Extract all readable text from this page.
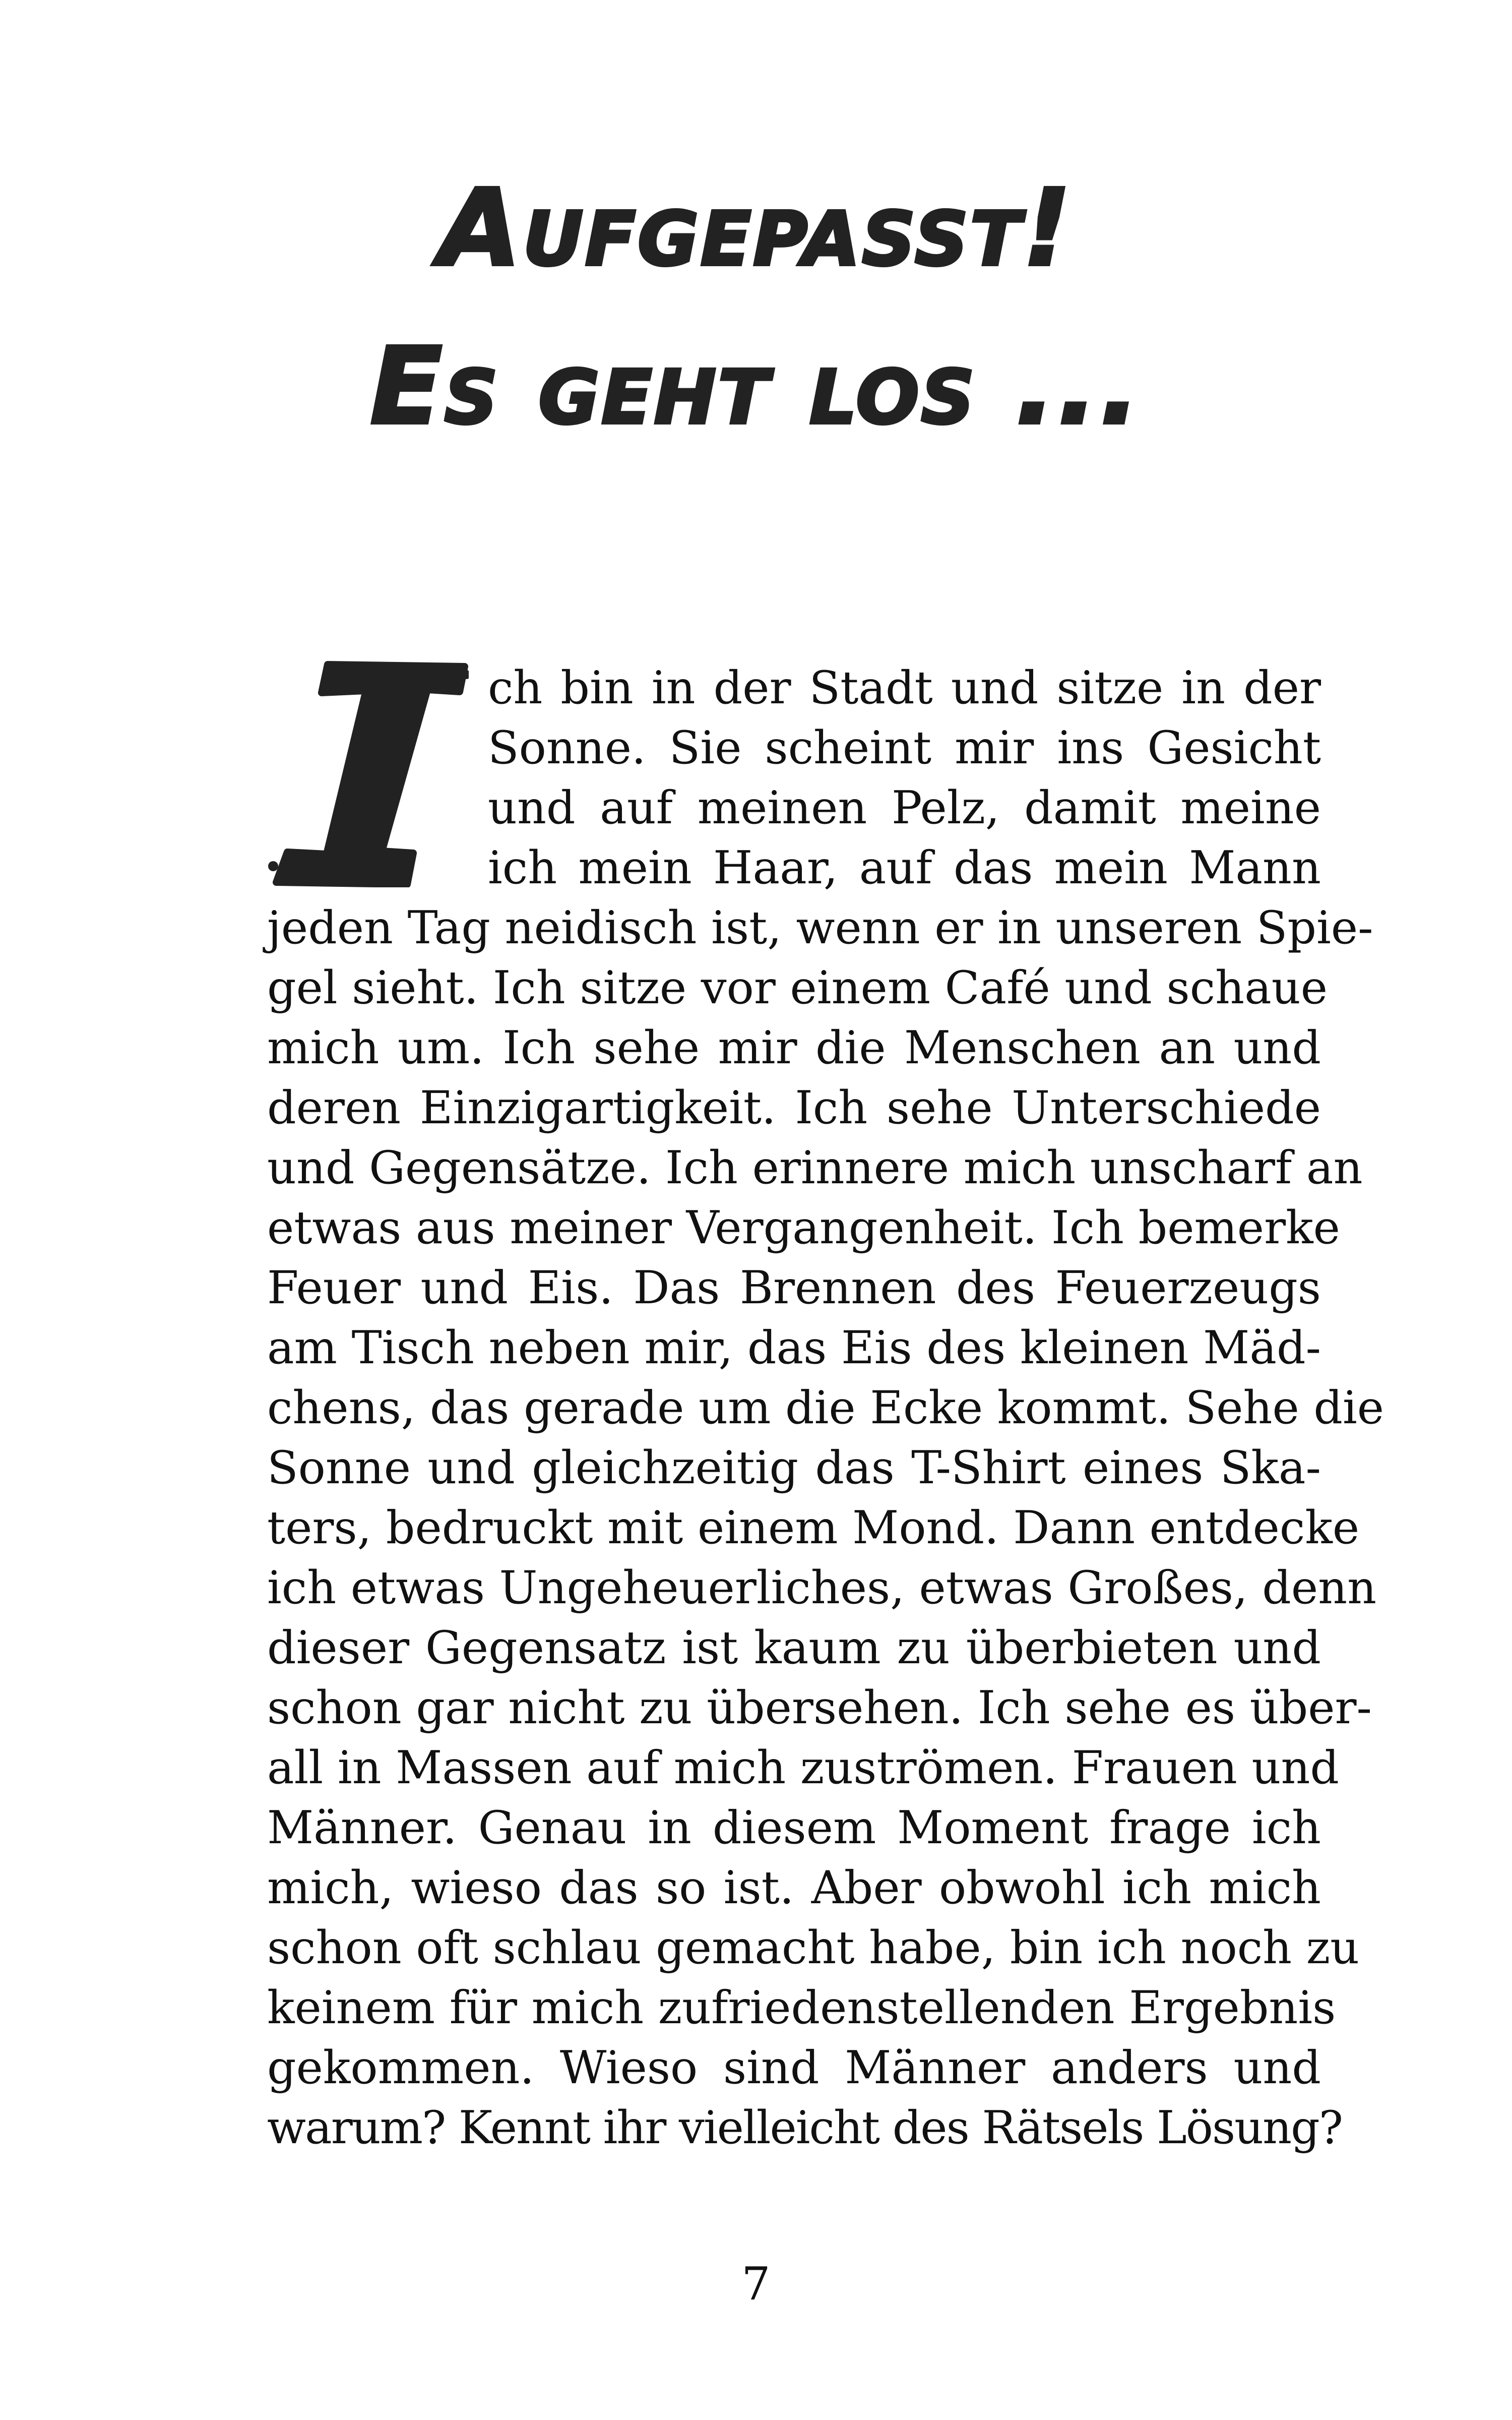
Aufgepasst!
Es geht los ...
ch bin in der Stadt und sitze in der
Sonne. Sie scheint mir ins Gesicht
und auf meinen Pelz, damit meine
ich mein Haar, auf das mein Mann
jeden Tag neidisch ist, wenn er in unseren Spie-
gel sieht. Ich sitze vor einem Café und schaue
mich um. Ich sehe mir die Menschen an und
deren Einzigartigkeit. Ich sehe Unterschiede
und Gegensätze. Ich erinnere mich unscharf an
etwas aus meiner Vergangenheit. Ich bemerke
Feuer und Eis. Das Brennen des Feuerzeugs
am Tisch neben mir, das Eis des kleinen Mäd-
chens, das gerade um die Ecke kommt. Sehe die
Sonne und gleichzeitig das T-Shirt eines Ska-
ters, bedruckt mit einem Mond. Dann entdecke
ich etwas Ungeheuerliches, etwas Großes, denn
dieser Gegensatz ist kaum zu überbieten und
schon gar nicht zu übersehen. Ich sehe es über-
all in Massen auf mich zuströmen. Frauen und
Männer. Genau in diesem Moment frage ich
mich, wieso das so ist. Aber obwohl ich mich
schon oft schlau gemacht habe, bin ich noch zu
keinem für mich zufriedenstellenden Ergebnis
gekommen. Wieso sind Männer anders und
warum? Kennt ihr vielleicht des Rätsels Lösung?
7
